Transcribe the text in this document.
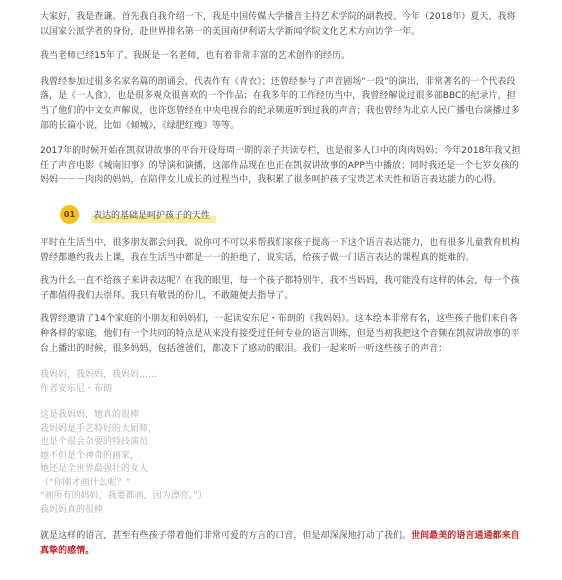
大家好，我是查谦。首先我自我介绍一下，我是中国传媒大学播音主持艺术学院的副教授。今年（2018年）夏天，我将以国家公派学者的身份，赴世界排名第一的美国南伊利诺大学新闻学院文化艺术方向访学一年。

我当老师已经15年了。我既是一名老师，也有着非常丰富的艺术创作的经历。

我曾经参加过很多名家名篇的朗诵会，代表作有《青衣》；还曾经参与了声音剧场“一段”的演出，非常著名的一个代表段落，是《一人食》，也是很多观众很喜欢的一个作品；在我多年的工作经历当中，我曾经解说过很多部BBC的纪录片，担当了他们的中文女声解说，也许您曾经在中央电视台的纪录频道听到过我的声音；我也曾经为北京人民广播电台演播过多部的长篇小说，比如《倾城》，《绿肥红瘦》等等。

2017年的时候开始在凯叔讲故事的平台开设每周一期的亲子共读专栏，也是很多人口中的肉肉妈妈；今年2018年我又担任了声音电影《城南旧事》的导演和演播，这部作品现在也正在凯叔讲故事的APP当中播放；同时我还是一个七岁女孩的妈妈－－－肉肉的妈妈，在陪伴女儿成长的过程当中，我积累了很多呵护孩子宝贵艺术天性和语言表达能力的心得。

01	表达的基础是呵护孩子的天性

平时在生活当中，很多朋友都会问我，说你可不可以来帮我们家孩子提高一下这个语言表达能力，也有很多儿童教育机构曾经都邀约我去上课，我在生活当中都是一一的拒绝了，说实话，给孩子做一门语言表达的课程真的挺难的。

我为什么一直不给孩子来讲表达呢？在我的眼里，每一个孩子都特别牛，我不当妈妈，我可能没有这样的体会，每一个孩子都值得我们去崇拜。我只有敬畏的份儿，不敢随便去指导了。

我曾经邀请了14个家庭的小朋友和妈妈们，一起读安东尼・布朗的《我妈妈》。这本绘本非常有名，这些孩子他们来自各种各样的家庭，他们有一个共同的特点是从来没有接受过任何专业的语言训练，但是当初我把这个音频在凯叔讲故事的平台上播出的时候，很多妈妈，包括爸爸们，都凌下了感动的眼泪。我们一起来听一听这些孩子的声音：

我妈妈，我妈妈，我妈妈……
作者安东尼・布朗
这是我妈妈，她真的很棒
我妈妈是手艺特好的大厨师，
也是个很会杂耍的特技演员
她不但是个神奇的画家，
她还是全世界最强壮的女人
（“你刚才画什么呢？”
“画所有的妈妈，我要都画，因为漂亮。”）
我妈妈真的很棒

就是这样的语言，甚至有些孩子带着他们非常可爱的方言的口音，但是却深深地打动了我们。世间最美的语言通通都来自真挚的感情。
